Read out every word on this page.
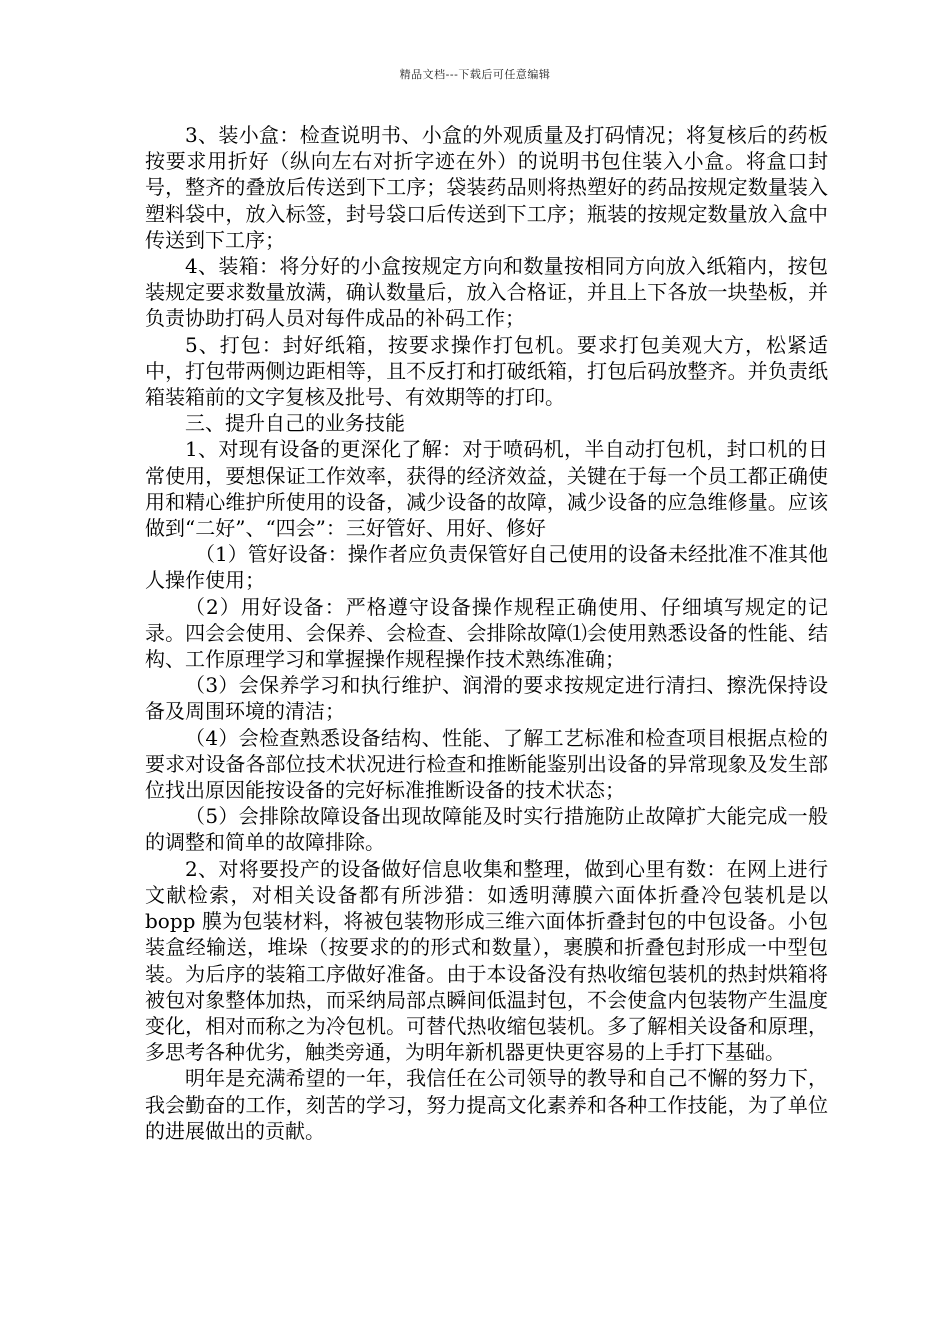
精品文档---下载后可任意编辑

3、装小盒：检查说明书、小盒的外观质量及打码情况；将复核后的药板按要求用折好（纵向左右对折字迹在外）的说明书包住装入小盒。将盒口封号，整齐的叠放后传送到下工序；袋装药品则将热塑好的药品按规定数量装入塑料袋中，放入标签，封号袋口后传送到下工序；瓶装的按规定数量放入盒中传送到下工序；

4、装箱：将分好的小盒按规定方向和数量按相同方向放入纸箱内，按包装规定要求数量放满，确认数量后，放入合格证，并且上下各放一块垫板，并负责协助打码人员对每件成品的补码工作；

5、打包：封好纸箱，按要求操作打包机。要求打包美观大方，松紧适中，打包带两侧边距相等，且不反打和打破纸箱，打包后码放整齐。并负责纸箱装箱前的文字复核及批号、有效期等的打印。

三、提升自己的业务技能

1、对现有设备的更深化了解：对于喷码机，半自动打包机，封口机的日常使用，要想保证工作效率，获得的经济效益，关键在于每一个员工都正确使用和精心维护所使用的设备，减少设备的故障，减少设备的应急维修量。应该做到“二好”、“四会”：三好管好、用好、修好

（1）管好设备：操作者应负责保管好自己使用的设备未经批准不准其他人操作使用；

（2）用好设备：严格遵守设备操作规程正确使用、仔细填写规定的记录。四会会使用、会保养、会检查、会排除故障⑴会使用熟悉设备的性能、结构、工作原理学习和掌握操作规程操作技术熟练准确；

（3）会保养学习和执行维护、润滑的要求按规定进行清扫、擦洗保持设备及周围环境的清洁；

（4）会检查熟悉设备结构、性能、了解工艺标准和检查项目根据点检的要求对设备各部位技术状况进行检查和推断能鉴别出设备的异常现象及发生部位找出原因能按设备的完好标准推断设备的技术状态；

（5）会排除故障设备出现故障能及时实行措施防止故障扩大能完成一般的调整和简单的故障排除。

2、对将要投产的设备做好信息收集和整理，做到心里有数：在网上进行文献检索，对相关设备都有所涉猎：如透明薄膜六面体折叠冷包装机是以 bopp 膜为包装材料，将被包装物形成三维六面体折叠封包的中包设备。小包装盒经输送，堆垛（按要求的的形式和数量），裹膜和折叠包封形成一中型包装。为后序的装箱工序做好准备。由于本设备没有热收缩包装机的热封烘箱将被包对象整体加热，而采纳局部点瞬间低温封包，不会使盒内包装物产生温度变化，相对而称之为冷包机。可替代热收缩包装机。多了解相关设备和原理，多思考各种优劣，触类旁通，为明年新机器更快更容易的上手打下基础。

明年是充满希望的一年，我信任在公司领导的教导和自己不懈的努力下，我会勤奋的工作，刻苦的学习，努力提高文化素养和各种工作技能，为了单位的进展做出的贡献。
